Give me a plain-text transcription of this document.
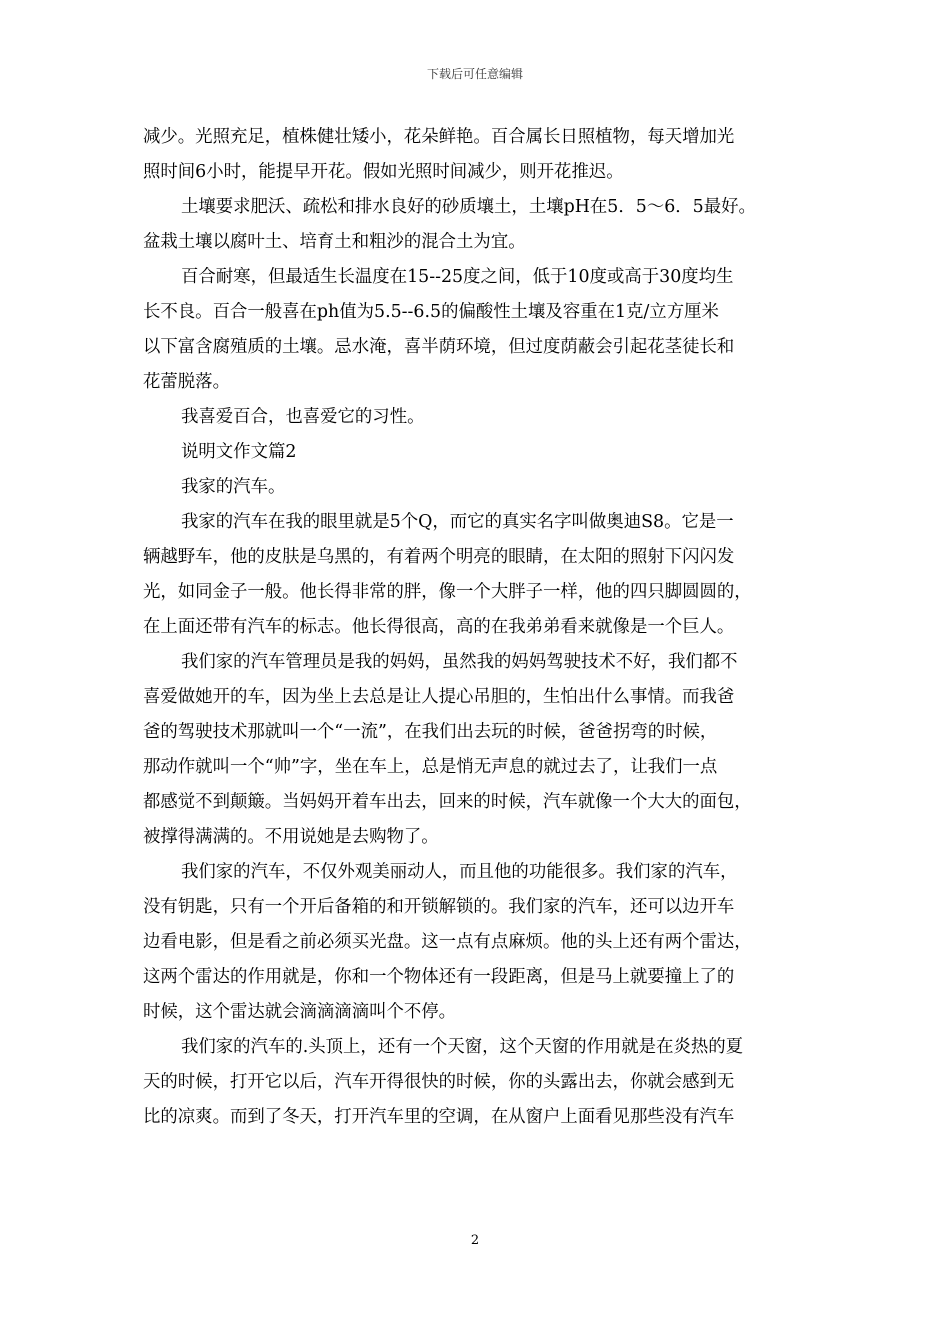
下载后可任意编辑
减少。光照充足，植株健壮矮小，花朵鲜艳。百合属长日照植物，每天增加光
照时间6小时，能提早开花。假如光照时间减少，则开花推迟。
土壤要求肥沃、疏松和排水良好的砂质壤土，土壤pH在5．5～6．5最好。
盆栽土壤以腐叶土、培育土和粗沙的混合土为宜。
百合耐寒，但最适生长温度在15--25度之间，低于10度或高于30度均生
长不良。百合一般喜在ph值为5.5--6.5的偏酸性土壤及容重在1克/立方厘米
以下富含腐殖质的土壤。忌水淹，喜半荫环境，但过度荫蔽会引起花茎徒长和
花蕾脱落。
我喜爱百合，也喜爱它的习性。
说明文作文篇2
我家的汽车。
我家的汽车在我的眼里就是5个Q，而它的真实名字叫做奥迪S8。它是一
辆越野车，他的皮肤是乌黑的，有着两个明亮的眼睛，在太阳的照射下闪闪发
光，如同金子一般。他长得非常的胖，像一个大胖子一样，他的四只脚圆圆的，
在上面还带有汽车的标志。他长得很高，高的在我弟弟看来就像是一个巨人。
我们家的汽车管理员是我的妈妈，虽然我的妈妈驾驶技术不好，我们都不
喜爱做她开的车，因为坐上去总是让人提心吊胆的，生怕出什么事情。而我爸
爸的驾驶技术那就叫一个“一流”，在我们出去玩的时候，爸爸拐弯的时候，
那动作就叫一个“帅”字，坐在车上，总是悄无声息的就过去了，让我们一点
都感觉不到颠簸。当妈妈开着车出去，回来的时候，汽车就像一个大大的面包，
被撑得满满的。不用说她是去购物了。
我们家的汽车，不仅外观美丽动人，而且他的功能很多。我们家的汽车，
没有钥匙，只有一个开后备箱的和开锁解锁的。我们家的汽车，还可以边开车
边看电影，但是看之前必须买光盘。这一点有点麻烦。他的头上还有两个雷达，
这两个雷达的作用就是，你和一个物体还有一段距离，但是马上就要撞上了的
时候，这个雷达就会滴滴滴滴叫个不停。
我们家的汽车的.头顶上，还有一个天窗，这个天窗的作用就是在炎热的夏
天的时候，打开它以后，汽车开得很快的时候，你的头露出去，你就会感到无
比的凉爽。而到了冬天，打开汽车里的空调，在从窗户上面看见那些没有汽车
2
